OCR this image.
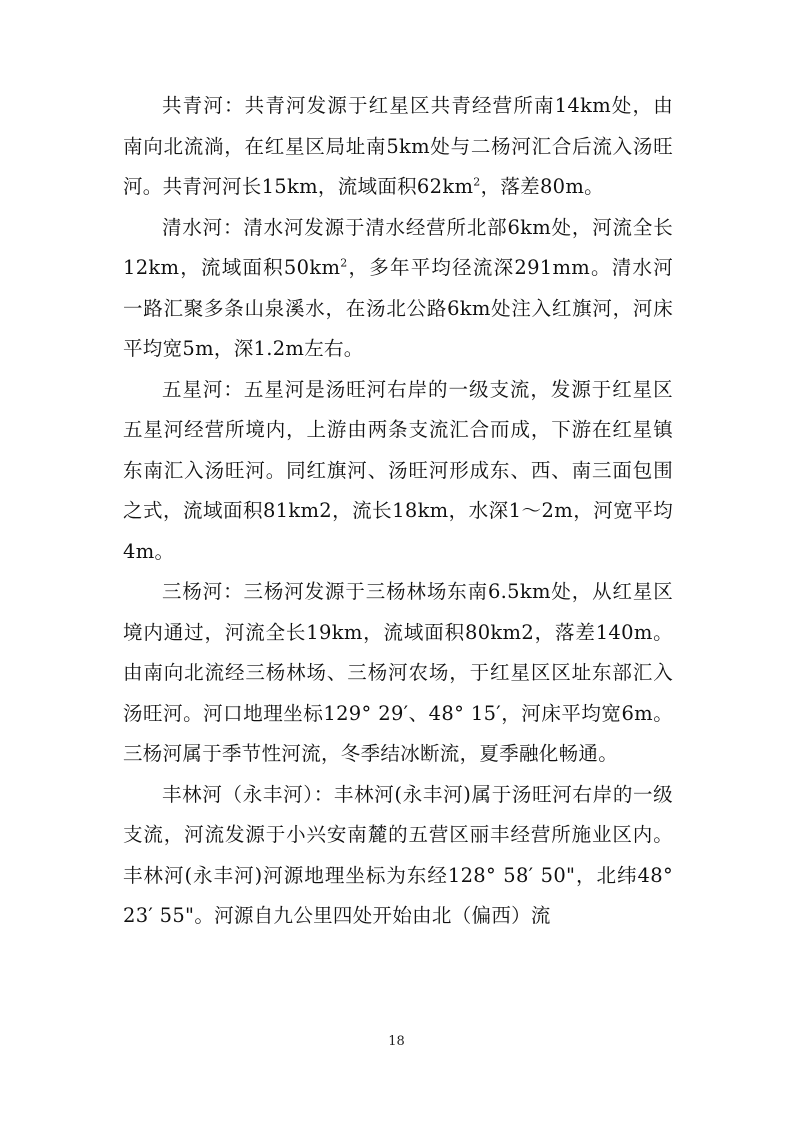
共青河：共青河发源于红星区共青经营所南14km处，由南向北流淌，在红星区局址南5km处与二杨河汇合后流入汤旺河。共青河河长15km，流域面积$62km^2$，落差80m。

清水河：清水河发源于清水经营所北部6km处，河流全长12km，流域面积$50km^2$，多年平均径流深291mm。清水河一路汇聚多条山泉溪水，在汤北公路6km处注入红旗河，河床平均宽5m，深1.2m左右。

五星河：五星河是汤旺河右岸的一级支流，发源于红星区五星河经营所境内，上游由两条支流汇合而成，下游在红星镇东南汇入汤旺河。同红旗河、汤旺河形成东、西、南三面包围之式，流域面积81km2，流长18km，水深1～2m，河宽平均4m。

三杨河：三杨河发源于三杨林场东南6.5km处，从红星区境内通过，河流全长19km，流域面积80km2，落差140m。由南向北流经三杨林场、三杨河农场，于红星区区址东部汇入汤旺河。河口地理坐标129° 29′、48° 15′，河床平均宽6m。三杨河属于季节性河流，冬季结冰断流，夏季融化畅通。

丰林河（永丰河）：丰林河(永丰河)属于汤旺河右岸的一级支流，河流发源于小兴安南麓的五营区丽丰经营所施业区内。丰林河(永丰河)河源地理坐标为东经128° 58′ 50"，北纬48° 23′ 55"。河源自九公里四处开始由北（偏西）流

18
